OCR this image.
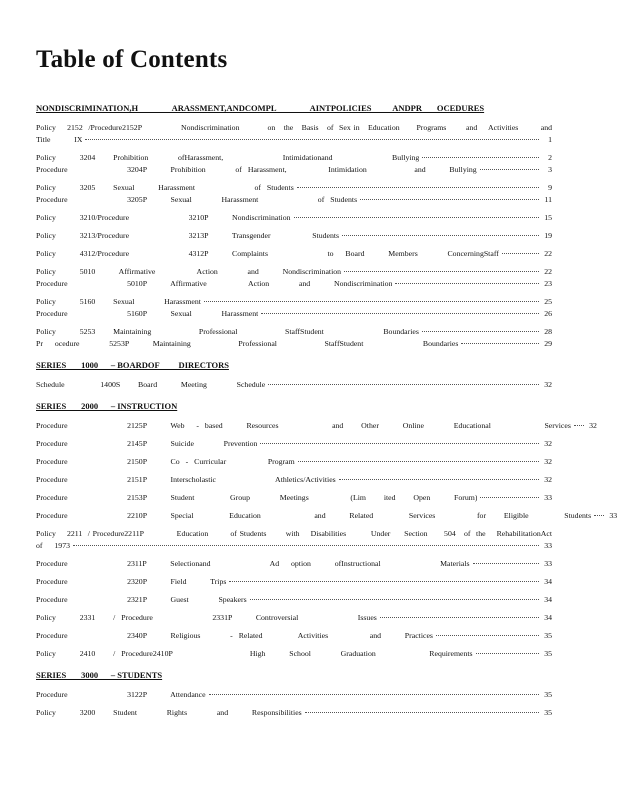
Table of Contents
NONDISCRIMINATION,H                ARASSMENT,ANDCOMPL                AINTPOLICIES          ANDPR       OCEDURES
Policy    2152  /Procedure2152P              Nondiscrimination          on   the   Basis   of  Sex in   Education      Programs       and    Activities        and
Title    IX	1
Policy    3204   Prohibition     ofHarassment,          Intimidationand          Bullying	2
Procedure          3204P    Prohibition     of Harassment,       Intimidation        and    Bullying	3
Policy    3205   Sexual    Harassment          of Students	9
Procedure          3205P    Sexual     Harassment          of Students	11
Policy    3210/Procedure          3210P    Nondiscrimination	15
Policy    3213/Procedure          3213P    Transgender       Students	19
Policy    4312/Procedure          4312P    Complaints          to  Board    Members     ConcerningStaff	22
Policy    5010    Affirmative       Action     and    Nondiscrimination	22
Procedure          5010P    Affirmative       Action     and    Nondiscrimination	23
Policy    5160   Sexual     Harassment	25
Procedure          5160P    Sexual     Harassment	26
Policy    5253   Maintaining        Professional        StaffStudent          Boundaries	28
Pr  ocedure     5253P    Maintaining        Professional        StaffStudent          Boundaries	29
SERIES       1000      – BOARDOF         DIRECTORS
Schedule      1400S   Board    Meeting     Schedule	32
SERIES       2000      – INSTRUCTION
Procedure          2125P    Web  - based    Resources         and   Other    Online     Educational         Services 32
Procedure          2145P    Suicide     Prevention	32
Procedure          2150P    Co - Curricular       Program	32
Procedure          2151P    Interscholastic          Athletics/Activities	32
Procedure          2153P    Student      Group     Meetings       (Lim   ited   Open    Forum)	33
Procedure          2210P    Special      Education         and    Related      Services       for   Eligible      Students 33
Policy    2211  / Procedure2211P            Education        of Students       with    Disabilities         Under     Section      504   of  the    RehabilitationAct
of  1973	33
Procedure          2311P    Selectionand          Ad  option    ofInstructional          Materials	33
Procedure          2320P    Field    Trips	34
Procedure          2321P    Guest     Speakers	34
Policy    2331   / Procedure          2331P    Controversial          Issues	34
Procedure          2340P    Religious     - Related      Activities       and    Practices	35
Policy    2410   / Procedure2410P             High    School     Graduation         Requirements	35
SERIES       3000      – STUDENTS
Procedure          3122P    Attendance	35
Policy    3200   Student     Rights     and    Responsibilities	35
